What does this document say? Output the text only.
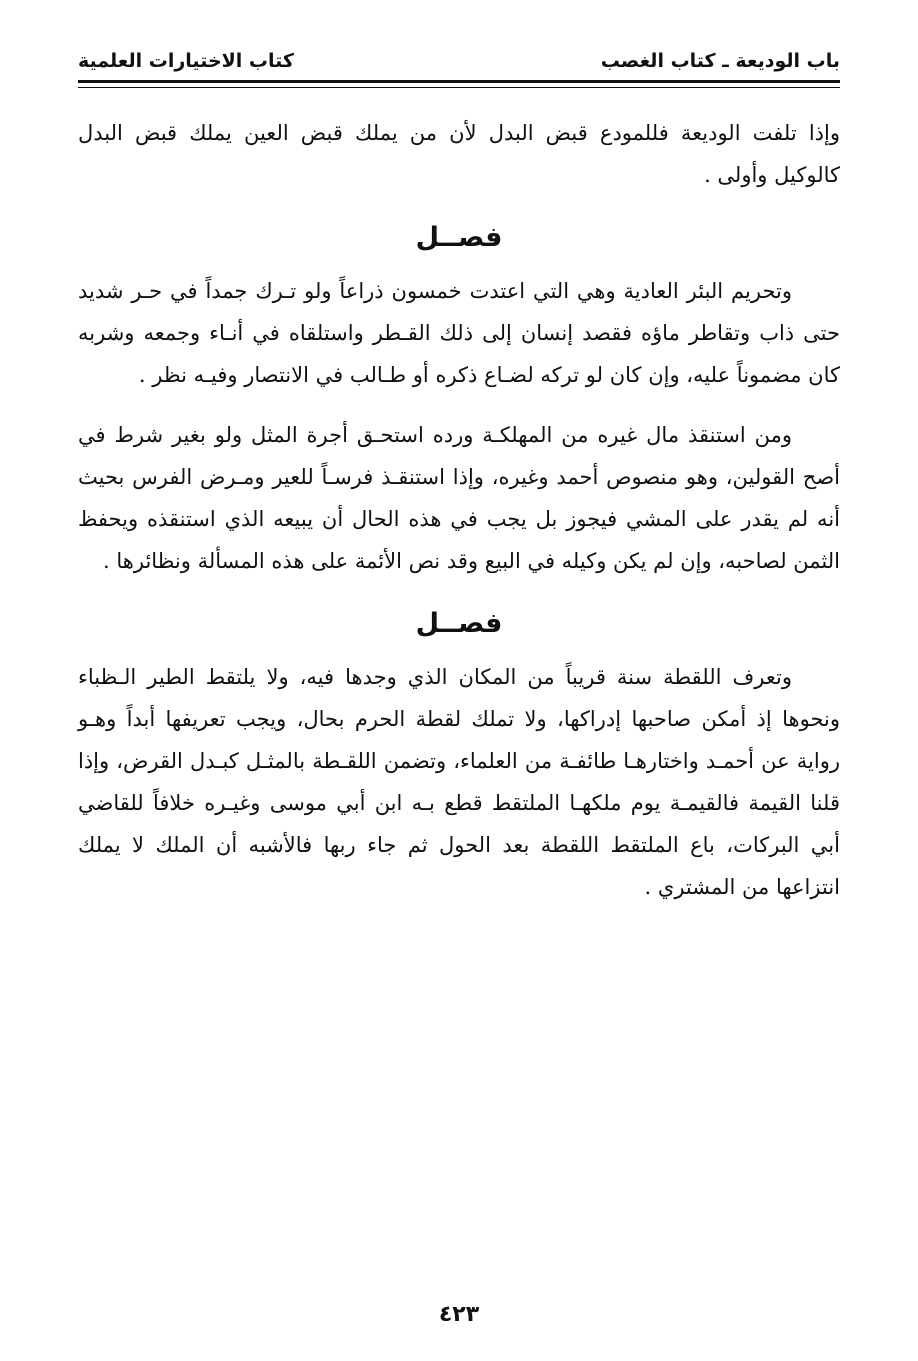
باب الوديعة ـ كتاب الغصب
كتاب الاختيارات العلمية

وإذا تلفت الوديعة فللمودع قبض البدل لأن من يملك قبض العين يملك قبض البدل كالوكيل وأولى .

فصــل

وتحريم البئر العادية وهي التي اعتدت خمسون ذراعاً ولو تـرك جمداً في حـر شديد حتى ذاب وتقاطر ماؤه فقصد إنسان إلى ذلك القـطر واستلقاه في أنـاء وجمعه وشربه كان مضموناً عليه، وإن كان لو تركه لضـاع ذكره أو طـالب في الانتصار وفيـه نظر .

ومن استنقذ مال غيره من المهلكـة ورده استحـق أجرة المثل ولو بغير شرط في أصح القولين، وهو منصوص أحمد وغيره، وإذا استنقـذ فرسـاً للعير ومـرض الفرس بحيث أنه لم يقدر على المشي فيجوز بل يجب في هذه الحال أن يبيعه الذي استنقذه ويحفظ الثمن لصاحبه، وإن لم يكن وكيله في البيع وقد نص الأئمة على هذه المسألة ونظائرها .

فصــل

وتعرف اللقطة سنة قريباً من المكان الذي وجدها فيه، ولا يلتقط الطير الـظباء ونحوها إذ أمكن صاحبها إدراكها، ولا تملك لقطة الحرم بحال، ويجب تعريفها أبداً وهـو رواية عن أحمـد واختارهـا طائفـة من العلماء، وتضمن اللقـطة بالمثـل كبـدل القرض، وإذا قلنا القيمة فالقيمـة يوم ملكهـا الملتقط قطع بـه ابن أبي موسى وغيـره خلافاً للقاضي أبي البركات، باع الملتقط اللقطة بعد الحول ثم جاء ربها فالأشبه أن الملك لا يملك انتزاعها من المشتري .

٤٢٣
